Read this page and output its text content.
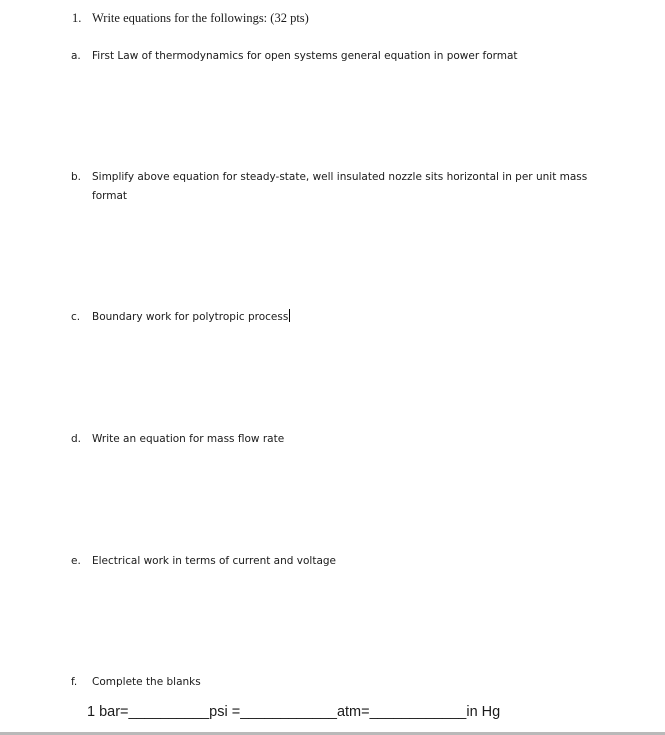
1. Write equations for the followings: (32 pts)
a.	First Law of thermodynamics for open systems general equation in power format
b.	Simplify above equation for steady-state, well insulated nozzle sits horizontal in per unit mass format
c.	Boundary work for polytropic process
d.	Write an equation for mass flow rate
e.	Electrical work in terms of current and voltage
f.	Complete the blanks
1 bar=__________psi =____________atm=____________in Hg
